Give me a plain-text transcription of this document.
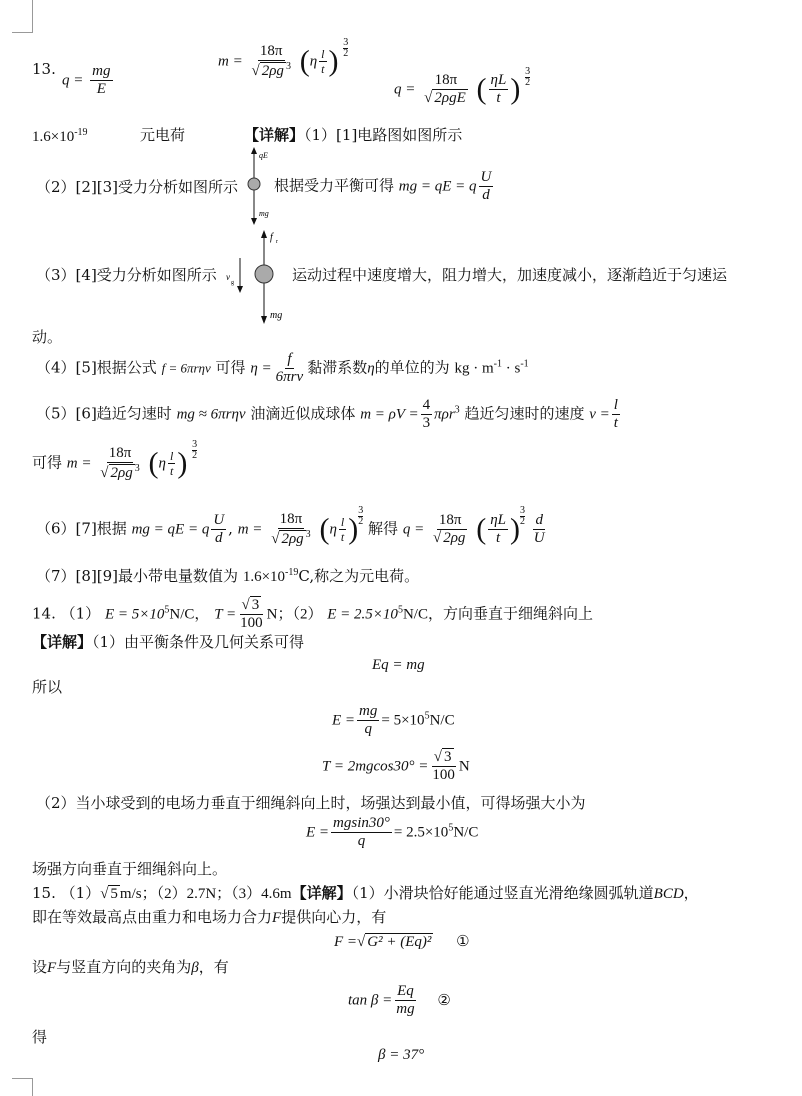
13.
$q = \frac{mg}{E}$
$m = \frac{18\pi}{√ 2\rho g ^3} (\eta \frac{l}{t}$ ) $\frac{3}{2}$
$q = \frac{18\pi}{\text{√ 2ρgE}}$ ( $\frac{\eta L}{t}$ ) $\frac{3}{2}$
$1.6\times 10^{-19}$	元电荷	【详解】（1）[1]电路图如图所示
qE
mg
（2）[2][3]受力分析如图所示 根据受力平衡可得 mg = qE = q $\frac{U}{d}$
f r
v
g
mg
（3）[4]受力分析如图所示	运动过程中速度增大，阻力增大，加速度减小，逐渐趋近于匀速运
动。
（4）[5]根据公式 f = 6πrηv 可得 $\eta = \frac{f}{\text{6πrv}}$ 黏滞系数η的单位的为 kg · $m^{-1} \cdot s^{-1}$
（5）[6]趋近匀速时 mg ≈ 6πrηv 油滴近似成球体 $m = \rho V = \frac{4}{3} \pi\rho r^3$ 趋近匀速时的速度 $v = \frac{l}{t}$
可得 $m = \frac{18\pi}{√ 2\rho g ^3} (\eta \frac{l}{t}$ ) $\frac{3}{2}$
（6）[7]根据 mg = qE = q $\frac{U}{d}$ , $m = \frac{18\pi}{√ 2\rho g ^3} (\eta \frac{l}{t}$ ) $\frac{3}{2}$
解得 $q = \frac{18\pi}{√ 2\rho g}$ ( $\frac{\eta L}{t}$ ) $\frac{3}{2}$
$\frac{d}{U}$
（7）[8][9]最小带电量数值为 $1.6\times 10^{-19}C$,称之为元电荷。
14. （1） $E = 5\times 10^5N/C$， $T = \frac{√ 3}{100}$ N；（2） $E = 2.5\times 10^5N/C$，方向垂直于细绳斜向上
【详解】（1）由平衡条件及几何关系可得
Eq = mg
所以
$E = \frac{mg}{q} = 5\times 10^5N/C$
$T = 2mgcos30^\circ = \frac{√ 3}{100}$ N
（2）当小球受到的电场力垂直于细绳斜向上时，场强达到最小值，可得场强大小为
$E = \frac{mgsin30^\circ}{q} = 2.5\times 10^5N/C$
场强方向垂直于细绳斜向上。
15. （1）√ 5 m/s；（2）2.7N；（3）4.6m【详解】（1）小滑块恰好能通过竖直光滑绝缘圆弧轨道BCD，
即在等效最高点由重力和电场力合力F提供向心力，有
F =√ G² + (Eq)² ①
设F与竖直方向的夹角为β，有
$\tan \beta = \frac{Eq}{mg}$ ②
得
β = 37°
